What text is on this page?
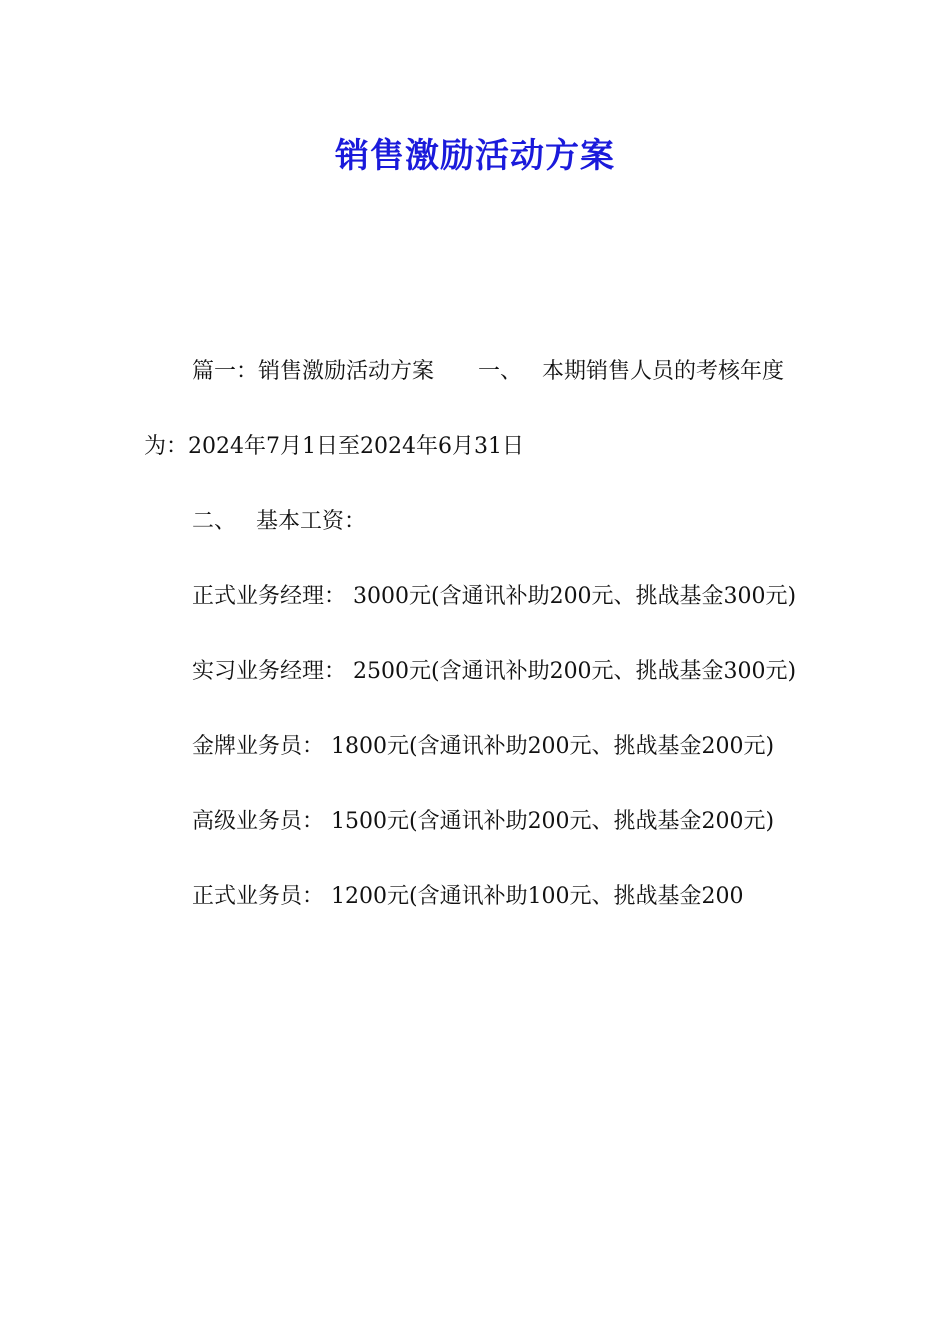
销售激励活动方案

篇一：销售激励活动方案 一、 本期销售人员的考核年度为：2024年7月1日至2024年6月31日

二、 基本工资：

正式业务经理： 3000元(含通讯补助200元、挑战基金300元)

实习业务经理： 2500元(含通讯补助200元、挑战基金300元)

金牌业务员： 1800元(含通讯补助200元、挑战基金200元)

高级业务员： 1500元(含通讯补助200元、挑战基金200元)

正式业务员： 1200元(含通讯补助100元、挑战基金200
